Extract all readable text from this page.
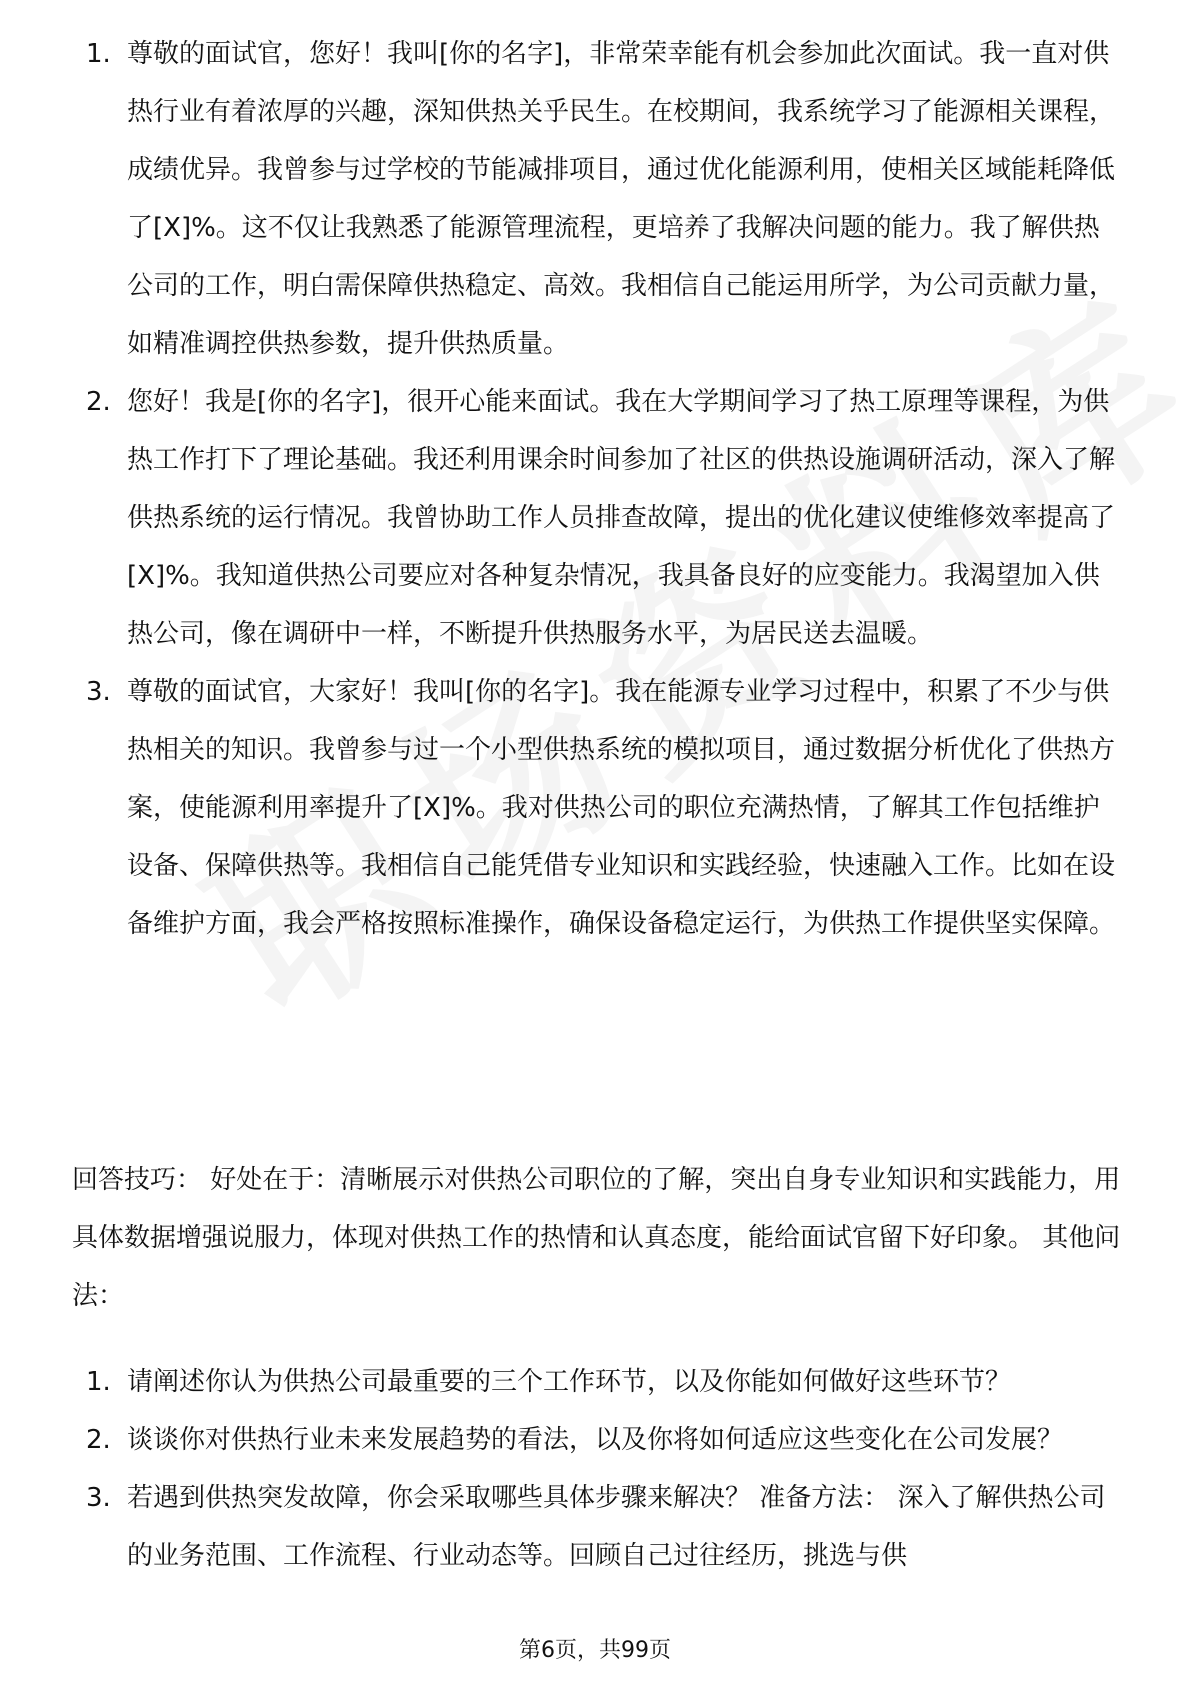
1. 尊敬的面试官，您好！我叫[你的名字]，非常荣幸能有机会参加此次面试。我一直对供热行业有着浓厚的兴趣，深知供热关乎民生。在校期间，我系统学习了能源相关课程，成绩优异。我曾参与过学校的节能减排项目，通过优化能源利用，使相关区域能耗降低了[X]%。这不仅让我熟悉了能源管理流程，更培养了我解决问题的能力。我了解供热公司的工作，明白需保障供热稳定、高效。我相信自己能运用所学，为公司贡献力量，如精准调控供热参数，提升供热质量。
2. 您好！我是[你的名字]，很开心能来面试。我在大学期间学习了热工原理等课程，为供热工作打下了理论基础。我还利用课余时间参加了社区的供热设施调研活动，深入了解供热系统的运行情况。我曾协助工作人员排查故障，提出的优化建议使维修效率提高了[X]%。我知道供热公司要应对各种复杂情况，我具备良好的应变能力。我渴望加入供热公司，像在调研中一样，不断提升供热服务水平，为居民送去温暖。
3. 尊敬的面试官，大家好！我叫[你的名字]。我在能源专业学习过程中，积累了不少与供热相关的知识。我曾参与过一个小型供热系统的模拟项目，通过数据分析优化了供热方案，使能源利用率提升了[X]%。我对供热公司的职位充满热情，了解其工作包括维护设备、保障供热等。我相信自己能凭借专业知识和实践经验，快速融入工作。比如在设备维护方面，我会严格按照标准操作，确保设备稳定运行，为供热工作提供坚实保障。

回答技巧： 好处在于：清晰展示对供热公司职位的了解，突出自身专业知识和实践能力，用具体数据增强说服力，体现对供热工作的热情和认真态度，能给面试官留下好印象。 其他问法：

1. 请阐述你认为供热公司最重要的三个工作环节，以及你能如何做好这些环节？
2. 谈谈你对供热行业未来发展趋势的看法，以及你将如何适应这些变化在公司发展？
3. 若遇到供热突发故障，你会采取哪些具体步骤来解决？ 准备方法： 深入了解供热公司的业务范围、工作流程、行业动态等。回顾自己过往经历，挑选与供
第6页，共99页
